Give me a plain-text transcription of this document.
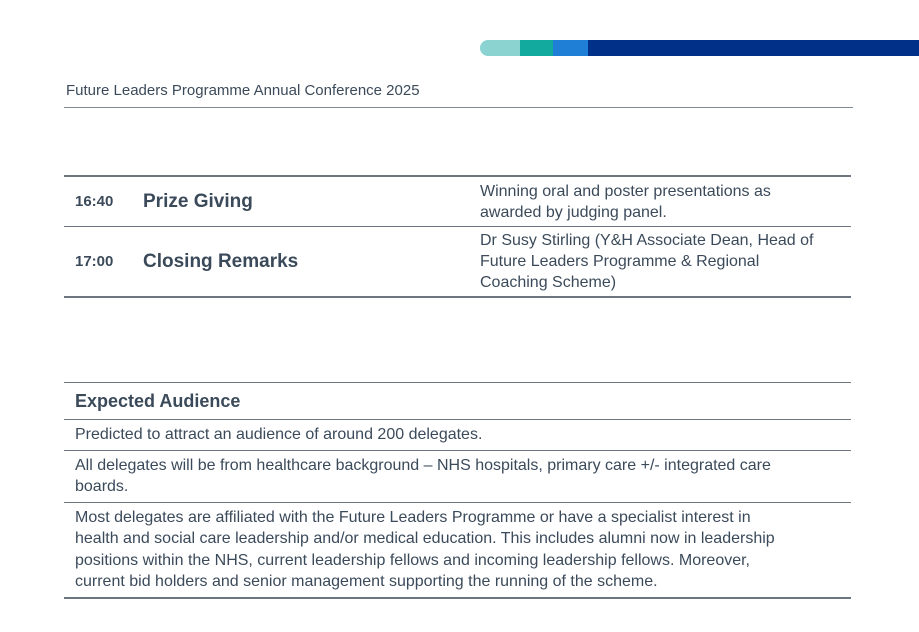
Future Leaders Programme Annual Conference 2025
16:40 Prize Giving	Winning oral and poster presentations as
awarded by judging panel.
17:00 Closing Remarks
Dr Susy Stirling (Y&H Associate Dean, Head of
Future Leaders Programme & Regional
Coaching Scheme)
Expected Audience
Predicted to attract an audience of around 200 delegates.
All delegates will be from healthcare background – NHS hospitals, primary care +/- integrated care
boards.
Most delegates are affiliated with the Future Leaders Programme or have a specialist interest in
health and social care leadership and/or medical education. This includes alumni now in leadership
positions within the NHS, current leadership fellows and incoming leadership fellows. Moreover,
current bid holders and senior management supporting the running of the scheme.
